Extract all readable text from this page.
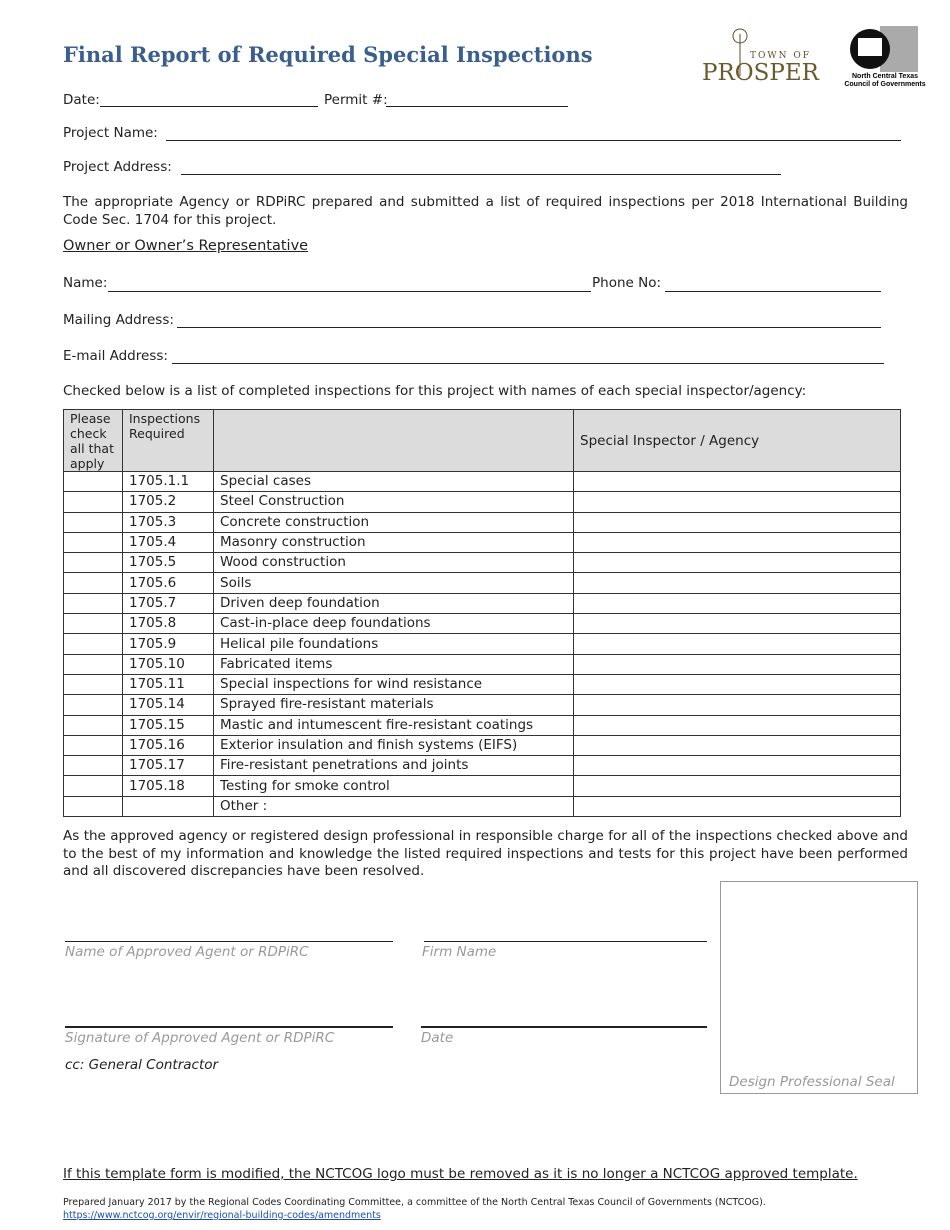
Final Report of Required Special Inspections	TOWN OF
PROSPER	North Central Texas
Council of Governments
Date:	Permit #:
Project Name:
Project Address:
The appropriate Agency or RDPiRC prepared and submitted a list of required inspections per 2018 International Building Code Sec. 1704 for this project.
Owner or Owner’s Representative
Name:	Phone No:
Mailing Address:
E-mail Address:
Checked below is a list of completed inspections for this project with names of each special inspector/agency:
Please check all that apply	Inspections Required		Special Inspector / Agency
	1705.1.1	Special cases	
	1705.2	Steel Construction	
	1705.3	Concrete construction	
	1705.4	Masonry construction	
	1705.5	Wood construction	
	1705.6	Soils	
	1705.7	Driven deep foundation	
	1705.8	Cast-in-place deep foundations	
	1705.9	Helical pile foundations	
	1705.10	Fabricated items	
	1705.11	Special inspections for wind resistance	
	1705.14	Sprayed fire-resistant materials	
	1705.15	Mastic and intumescent fire-resistant coatings	
	1705.16	Exterior insulation and finish systems (EIFS)	
	1705.17	Fire-resistant penetrations and joints	
	1705.18	Testing for smoke control	
		Other :	
As the approved agency or registered design professional in responsible charge for all of the inspections checked above and to the best of my information and knowledge the listed required inspections and tests for this project have been performed and all discovered discrepancies have been resolved.
Name of Approved Agent or RDPiRC	Firm Name
Signature of Approved Agent or RDPiRC	Date
cc: General Contractor
Design Professional Seal
If this template form is modified, the NCTCOG logo must be removed as it is no longer a NCTCOG approved template.
Prepared January 2017 by the Regional Codes Coordinating Committee, a committee of the North Central Texas Council of Governments (NCTCOG). https://www.nctcog.org/envir/regional-building-codes/amendments
